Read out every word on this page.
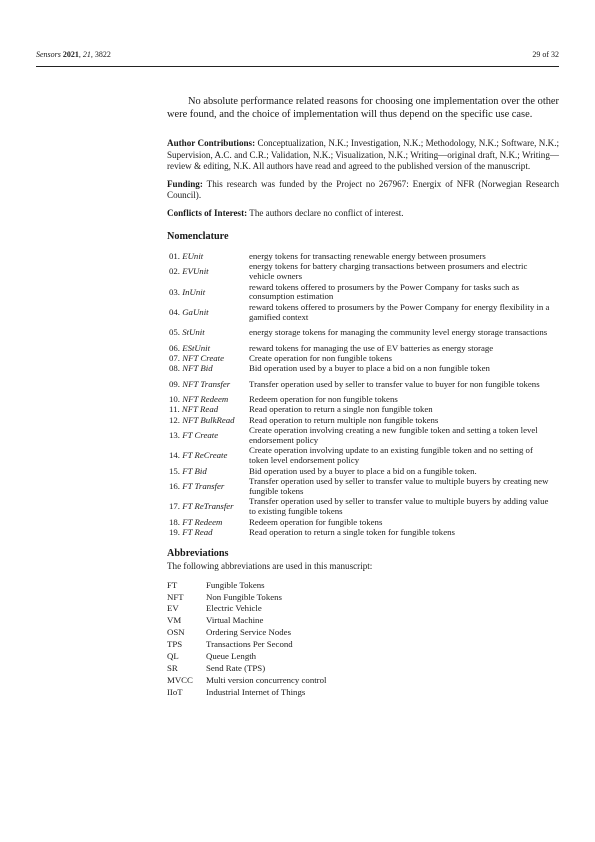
Sensors 2021, 21, 3822	29 of 32

No absolute performance related reasons for choosing one implementation over the other were found, and the choice of implementation will thus depend on the specific use case.

Author Contributions: Conceptualization, N.K.; Investigation, N.K.; Methodology, N.K.; Software, N.K.; Supervision, A.C. and C.R.; Validation, N.K.; Visualization, N.K.; Writing—original draft, N.K.; Writing—review & editing, N.K. All authors have read and agreed to the published version of the manuscript.

Funding: This research was funded by the Project no 267967: Energix of NFR (Norwegian Research Council).

Conflicts of Interest: The authors declare no conflict of interest.

Nomenclature

01. EUnit	energy tokens for transacting renewable energy between prosumers
02. EVUnit	energy tokens for battery charging transactions between prosumers and electric vehicle owners
03. InUnit	reward tokens offered to prosumers by the Power Company for tasks such as consumption estimation
04. GaUnit	reward tokens offered to prosumers by the Power Company for energy flexibility in a gamified context
05. StUnit	energy storage tokens for managing the community level energy storage transactions
06. EStUnit	reward tokens for managing the use of EV batteries as energy storage
07. NFT Create	Create operation for non fungible tokens
08. NFT Bid	Bid operation used by a buyer to place a bid on a non fungible token
09. NFT Transfer	Transfer operation used by seller to transfer value to buyer for non fungible tokens
10. NFT Redeem	Redeem operation for non fungible tokens
11. NFT Read	Read operation to return a single non fungible token
12. NFT BulkRead	Read operation to return multiple non fungible tokens
13. FT Create	Create operation involving creating a new fungible token and setting a token level endorsement policy
14. FT ReCreate	Create operation involving update to an existing fungible token and no setting of token level endorsement policy
15. FT Bid	Bid operation used by a buyer to place a bid on a fungible token.
16. FT Transfer	Transfer operation used by seller to transfer value to multiple buyers by creating new fungible tokens
17. FT ReTransfer	Transfer operation used by seller to transfer value to multiple buyers by adding value to existing fungible tokens
18. FT Redeem	Redeem operation for fungible tokens
19. FT Read	Read operation to return a single token for fungible tokens

Abbreviations

The following abbreviations are used in this manuscript:

FT	Fungible Tokens
NFT	Non Fungible Tokens
EV	Electric Vehicle
VM	Virtual Machine
OSN	Ordering Service Nodes
TPS	Transactions Per Second
QL	Queue Length
SR	Send Rate (TPS)
MVCC	Multi version concurrency control
IIoT	Industrial Internet of Things
